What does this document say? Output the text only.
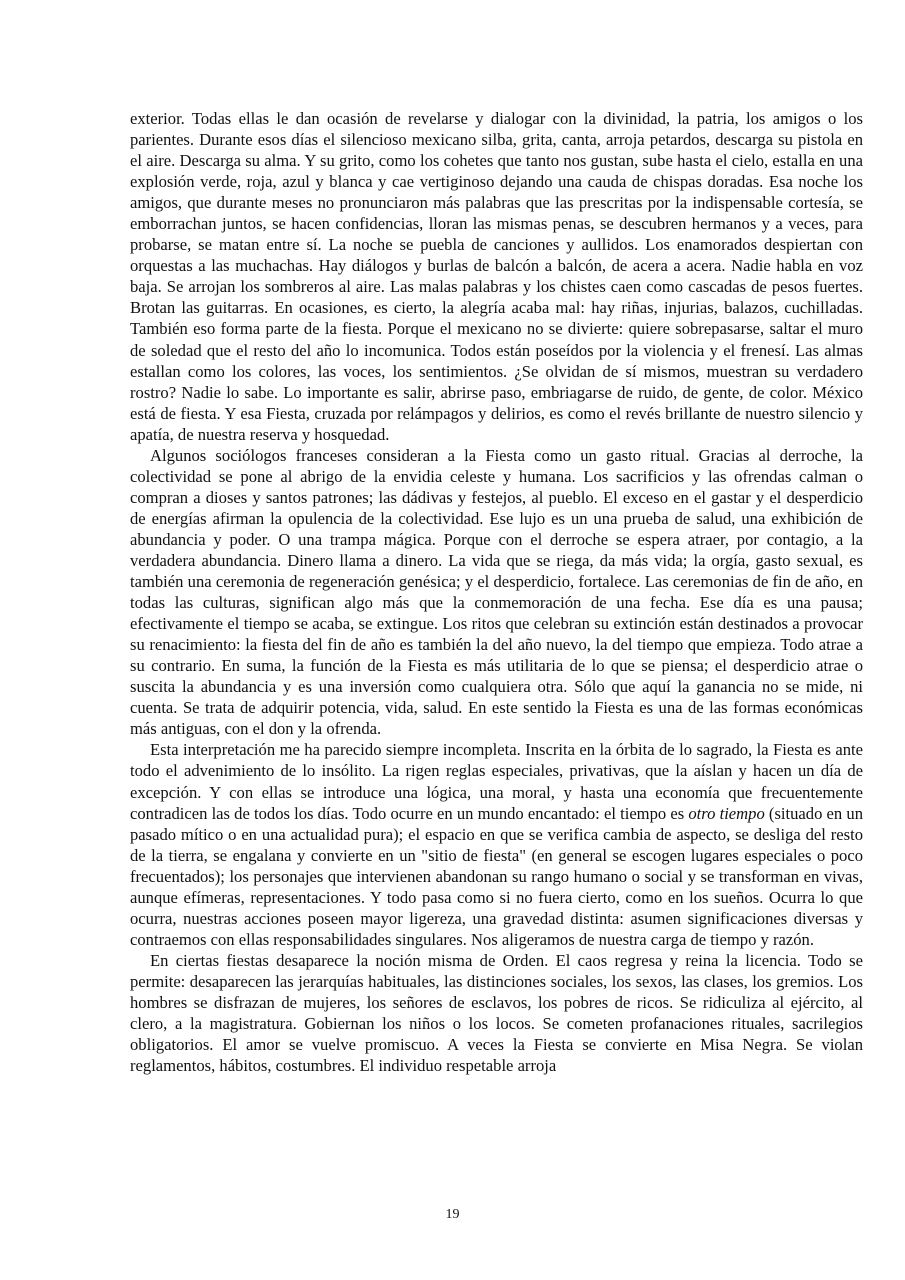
exterior. Todas ellas le dan ocasión de revelarse y dialogar con la divinidad, la patria, los amigos o los parientes. Durante esos días el silencioso mexicano silba, grita, canta, arroja petardos, descarga su pistola en el aire. Descarga su alma. Y su grito, como los cohetes que tanto nos gustan, sube hasta el cielo, estalla en una explosión verde, roja, azul y blanca y cae vertiginoso dejando una cauda de chispas doradas. Esa noche los amigos, que durante meses no pronunciaron más palabras que las prescritas por la indispensable cortesía, se emborrachan juntos, se hacen confidencias, lloran las mismas penas, se descubren hermanos y a veces, para probarse, se matan entre sí. La noche se puebla de canciones y aullidos. Los enamorados despiertan con orquestas a las muchachas. Hay diálogos y burlas de balcón a balcón, de acera a acera. Nadie habla en voz baja. Se arrojan los sombreros al aire. Las malas palabras y los chistes caen como cascadas de pesos fuertes. Brotan las guitarras. En ocasiones, es cierto, la alegría acaba mal: hay riñas, injurias, balazos, cuchilladas. También eso forma parte de la fiesta. Porque el mexicano no se divierte: quiere sobrepasarse, saltar el muro de soledad que el resto del año lo incomunica. Todos están poseídos por la violencia y el frenesí. Las almas estallan como los colores, las voces, los sentimientos. ¿Se olvidan de sí mismos, muestran su verdadero rostro? Nadie lo sabe. Lo importante es salir, abrirse paso, embriagarse de ruido, de gente, de color. México está de fiesta. Y esa Fiesta, cruzada por relámpagos y delirios, es como el revés brillante de nuestro silencio y apatía, de nuestra reserva y hosquedad.

Algunos sociólogos franceses consideran a la Fiesta como un gasto ritual. Gracias al derroche, la colectividad se pone al abrigo de la envidia celeste y humana. Los sacrificios y las ofrendas calman o compran a dioses y santos patrones; las dádivas y festejos, al pueblo. El exceso en el gastar y el desperdicio de energías afirman la opulencia de la colectividad. Ese lujo es un una prueba de salud, una exhibición de abundancia y poder. O una trampa mágica. Porque con el derroche se espera atraer, por contagio, a la verdadera abundancia. Dinero llama a dinero. La vida que se riega, da más vida; la orgía, gasto sexual, es también una ceremonia de regeneración genésica; y el desperdicio, fortalece. Las ceremonias de fin de año, en todas las culturas, significan algo más que la conmemoración de una fecha. Ese día es una pausa; efectivamente el tiempo se acaba, se extingue. Los ritos que celebran su extinción están destinados a provocar su renacimiento: la fiesta del fin de año es también la del año nuevo, la del tiempo que empieza. Todo atrae a su contrario. En suma, la función de la Fiesta es más utilitaria de lo que se piensa; el desperdicio atrae o suscita la abundancia y es una inversión como cualquiera otra. Sólo que aquí la ganancia no se mide, ni cuenta. Se trata de adquirir potencia, vida, salud. En este sentido la Fiesta es una de las formas económicas más antiguas, con el don y la ofrenda.

Esta interpretación me ha parecido siempre incompleta. Inscrita en la órbita de lo sagrado, la Fiesta es ante todo el advenimiento de lo insólito. La rigen reglas especiales, privativas, que la aíslan y hacen un día de excepción. Y con ellas se introduce una lógica, una moral, y hasta una economía que frecuentemente contradicen las de todos los días. Todo ocurre en un mundo encantado: el tiempo es otro tiempo (situado en un pasado mítico o en una actualidad pura); el espacio en que se verifica cambia de aspecto, se desliga del resto de la tierra, se engalana y convierte en un "sitio de fiesta" (en general se escogen lugares especiales o poco frecuentados); los personajes que intervienen abandonan su rango humano o social y se transforman en vivas, aunque efímeras, representaciones. Y todo pasa como si no fuera cierto, como en los sueños. Ocurra lo que ocurra, nuestras acciones poseen mayor ligereza, una gravedad distinta: asumen significaciones diversas y contraemos con ellas responsabilidades singulares. Nos aligeramos de nuestra carga de tiempo y razón.

En ciertas fiestas desaparece la noción misma de Orden. El caos regresa y reina la licencia. Todo se permite: desaparecen las jerarquías habituales, las distinciones sociales, los sexos, las clases, los gremios. Los hombres se disfrazan de mujeres, los señores de esclavos, los pobres de ricos. Se ridiculiza al ejército, al clero, a la magistratura. Gobiernan los niños o los locos. Se cometen profanaciones rituales, sacrilegios obligatorios. El amor se vuelve promiscuo. A veces la Fiesta se convierte en Misa Negra. Se violan reglamentos, hábitos, costumbres. El individuo respetable arroja

19
